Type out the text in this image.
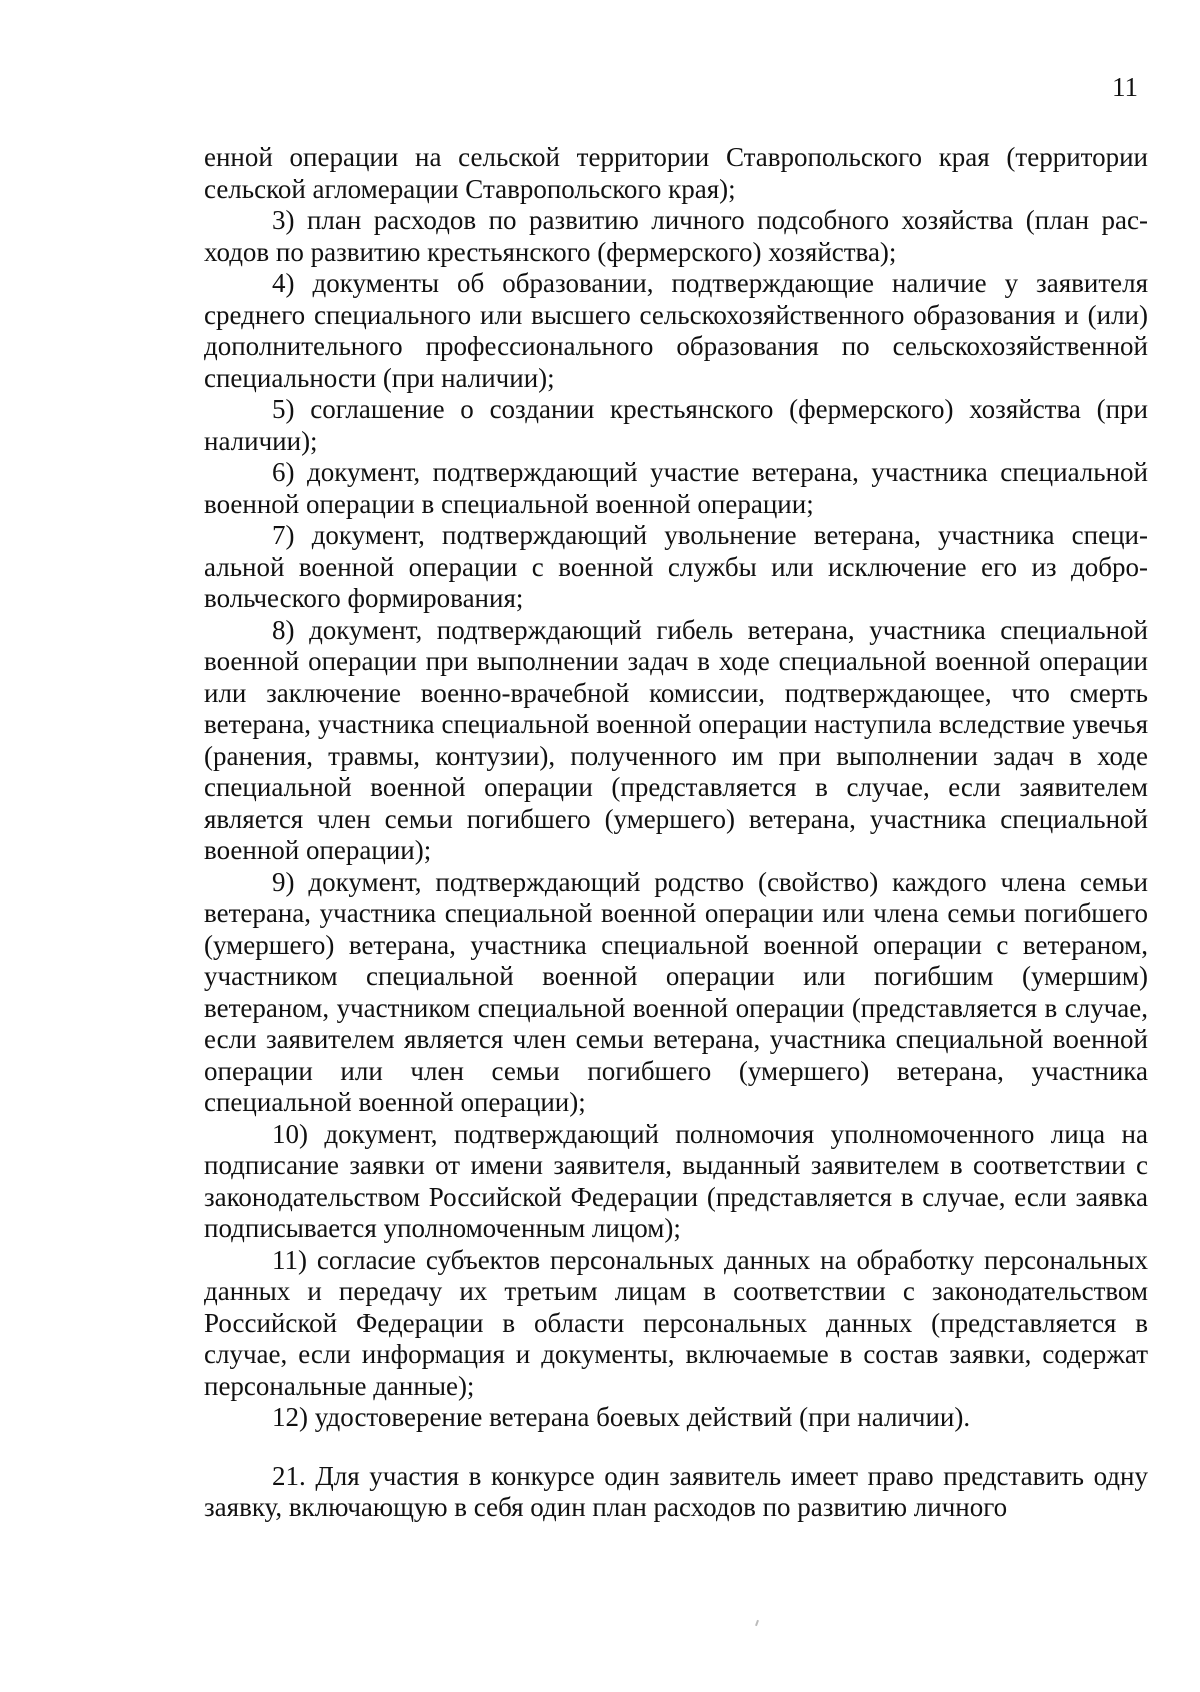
11

енной операции на сельской территории Ставропольского края (территории сельской агломерации Ставропольского края);

3) план расходов по развитию личного подсобного хозяйства (план расходов по развитию крестьянского (фермерского) хозяйства);

4) документы об образовании, подтверждающие наличие у заявителя среднего специального или высшего сельскохозяйственного образования и (или) дополнительного профессионального образования по сельскохозяйственной специальности (при наличии);

5) соглашение о создании крестьянского (фермерского) хозяйства (при наличии);

6) документ, подтверждающий участие ветерана, участника специальной военной операции в специальной военной операции;

7) документ, подтверждающий увольнение ветерана, участника специальной военной операции с военной службы или исключение его из добровольческого формирования;

8) документ, подтверждающий гибель ветерана, участника специальной военной операции при выполнении задач в ходе специальной военной операции или заключение военно-врачебной комиссии, подтверждающее, что смерть ветерана, участника специальной военной операции наступила вследствие увечья (ранения, травмы, контузии), полученного им при выполнении задач в ходе специальной военной операции (представляется в случае, если заявителем является член семьи погибшего (умершего) ветерана, участника специальной военной операции);

9) документ, подтверждающий родство (свойство) каждого члена семьи ветерана, участника специальной военной операции или члена семьи погибшего (умершего) ветерана, участника специальной военной операции с ветераном, участником специальной военной операции или погибшим (умершим) ветераном, участником специальной военной операции (представляется в случае, если заявителем является член семьи ветерана, участника специальной военной операции или член семьи погибшего (умершего) ветерана, участника специальной военной операции);

10) документ, подтверждающий полномочия уполномоченного лица на подписание заявки от имени заявителя, выданный заявителем в соответствии с законодательством Российской Федерации (представляется в случае, если заявка подписывается уполномоченным лицом);

11) согласие субъектов персональных данных на обработку персональных данных и передачу их третьим лицам в соответствии с законодательством Российской Федерации в области персональных данных (представляется в случае, если информация и документы, включаемые в состав заявки, содержат персональные данные);

12) удостоверение ветерана боевых действий (при наличии).

21. Для участия в конкурсе один заявитель имеет право представить одну заявку, включающую в себя один план расходов по развитию личного
